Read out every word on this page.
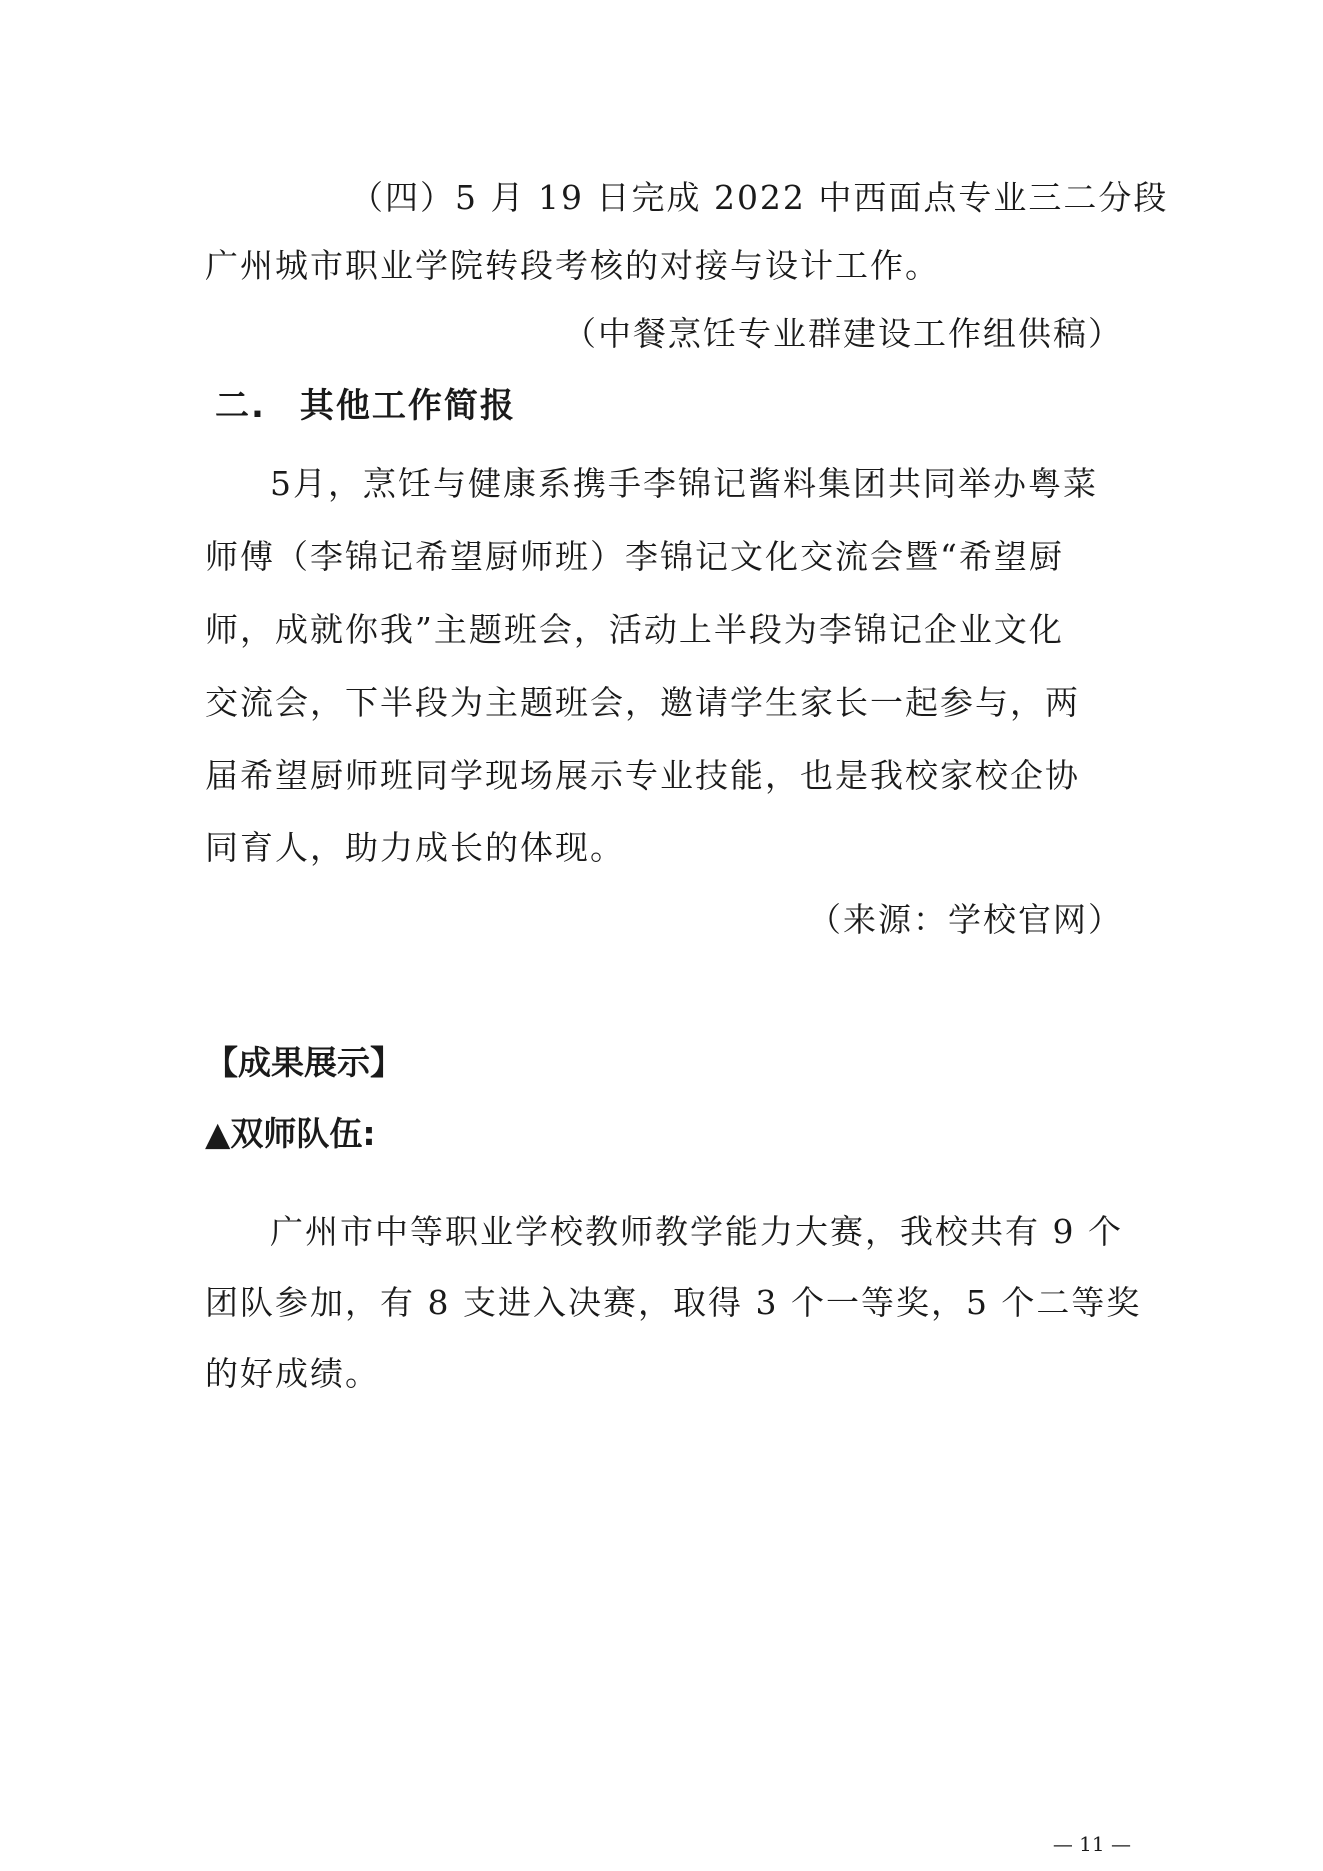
（四）5 月 19 日完成 2022 中西面点专业三二分段
广州城市职业学院转段考核的对接与设计工作。
（中餐烹饪专业群建设工作组供稿）
二. 其他工作简报
5月，烹饪与健康系携手李锦记酱料集团共同举办粤菜
师傅（李锦记希望厨师班）李锦记文化交流会暨“希望厨
师，成就你我”主题班会，活动上半段为李锦记企业文化
交流会，下半段为主题班会，邀请学生家长一起参与，两
届希望厨师班同学现场展示专业技能，也是我校家校企协
同育人，助力成长的体现。
（来源：学校官网）
【成果展示】
▲双师队伍:
广州市中等职业学校教师教学能力大赛，我校共有 9 个
团队参加，有 8 支进入决赛，取得 3 个一等奖，5 个二等奖
的好成绩。
— 11 —
